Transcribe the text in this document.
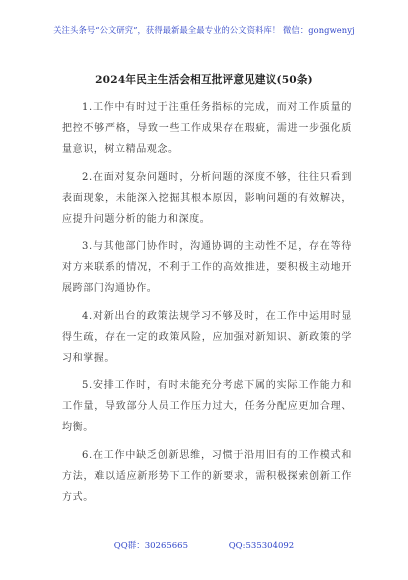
关注头条号“公文研究”，获得最新最全最专业的公文资料库！ 微信：gongwenyj
2024年民主生活会相互批评意见建议(50条)

1.工作中有时过于注重任务指标的完成，而对工作质量的把控不够严格，导致一些工作成果存在瑕疵，需进一步强化质量意识，树立精品观念。

2.在面对复杂问题时，分析问题的深度不够，往往只看到表面现象，未能深入挖掘其根本原因，影响问题的有效解决，应提升问题分析的能力和深度。

3.与其他部门协作时，沟通协调的主动性不足，存在等待对方来联系的情况，不利于工作的高效推进，要积极主动地开展跨部门沟通协作。

4.对新出台的政策法规学习不够及时，在工作中运用时显得生疏，存在一定的政策风险，应加强对新知识、新政策的学习和掌握。

5.安排工作时，有时未能充分考虑下属的实际工作能力和工作量，导致部分人员工作压力过大，任务分配应更加合理、均衡。

6.在工作中缺乏创新思维，习惯于沿用旧有的工作模式和方法，难以适应新形势下工作的新要求，需积极探索创新工作方式。

QQ群：30265665	QQ:535304092
